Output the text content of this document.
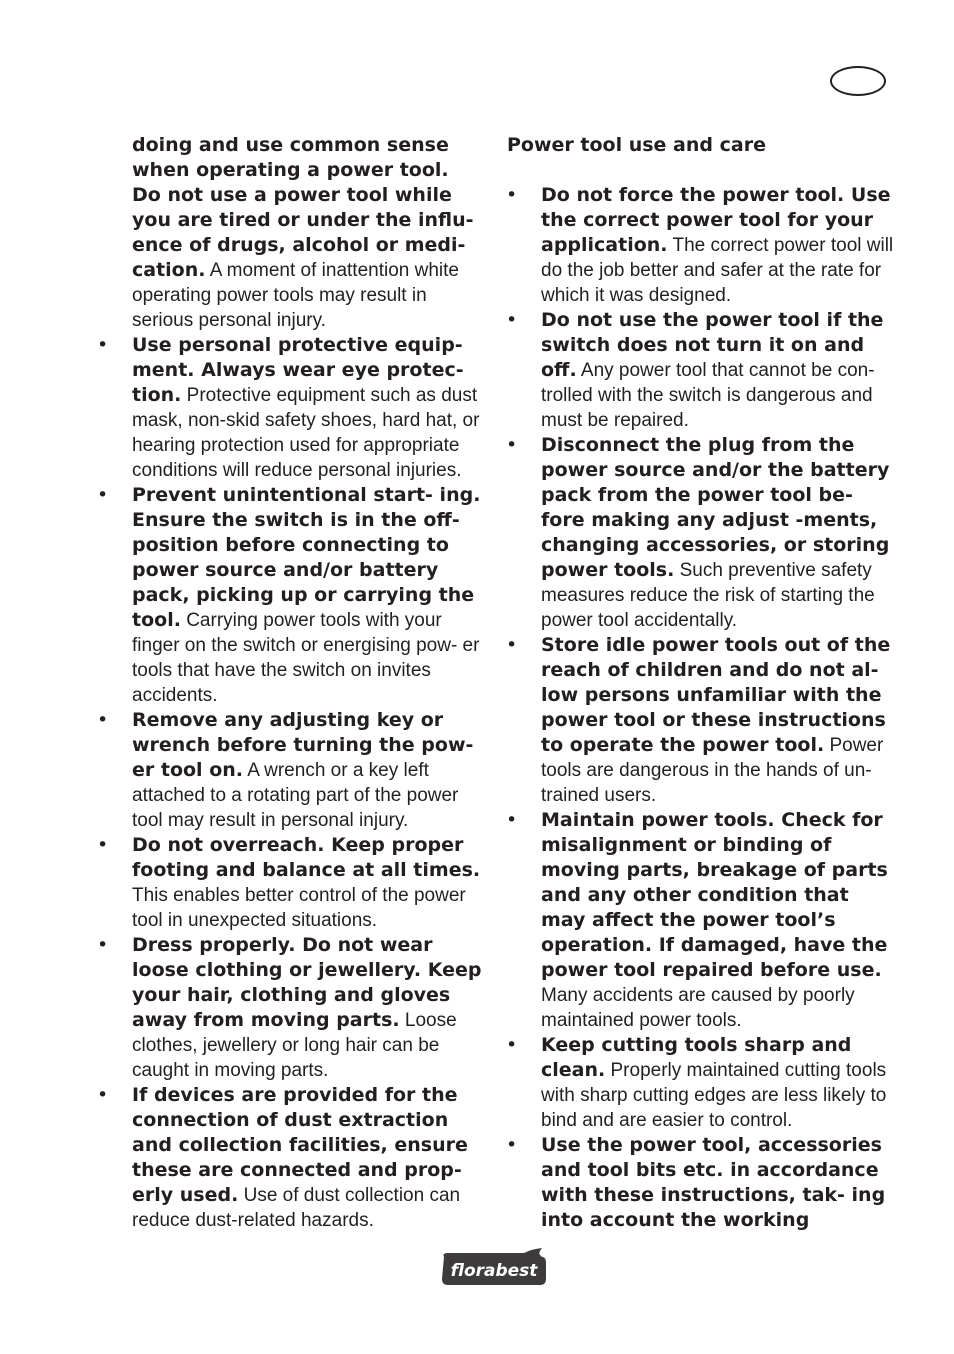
doing and use common sense when operating a power tool. Do not use a power tool while you are tired or under the influ- ence of drugs, alcohol or medi- cation. A moment of inattention white operating power tools may result in serious personal injury.

• Use personal protective equip- ment. Always wear eye protec- tion. Protective equipment such as dust mask, non-skid safety shoes, hard hat, or hearing protection used for appropriate conditions will reduce personal injuries.

• Prevent unintentional start- ing. Ensure the switch is in the off-position before connecting to power source and/or battery pack, picking up or carrying the tool. Carrying power tools with your finger on the switch or energising pow- er tools that have the switch on invites accidents.

• Remove any adjusting key or wrench before turning the pow- er tool on. A wrench or a key left attached to a rotating part of the power tool may result in personal injury.

• Do not overreach. Keep proper footing and balance at all times. This enables better control of the power tool in unexpected situations.

• Dress properly. Do not wear loose clothing or jewellery. Keep your hair, clothing and gloves away from moving parts. Loose clothes, jewellery or long hair can be caught in moving parts.

• If devices are provided for the connection of dust extraction and collection facilities, ensure these are connected and prop- erly used. Use of dust collection can reduce dust-related hazards.

Power tool use and care
• Do not force the power tool. Use the correct power tool for your application. The correct power tool will do the job better and safer at the rate for which it was designed.

• Do not use the power tool if the switch does not turn it on and off. Any power tool that cannot be con- trolled with the switch is dangerous and must be repaired.

• Disconnect the plug from the power source and/or the battery pack from the power tool be- fore making any adjust -ments, changing accessories, or storing power tools. Such preventive safety measures reduce the risk of starting the power tool accidentally.

• Store idle power tools out of the reach of children and do not al- low persons unfamiliar with the power tool or these instructions to operate the power tool. Power tools are dangerous in the hands of un- trained users.

• Maintain power tools. Check for misalignment or binding of moving parts, breakage of parts and any other condition that may affect the power tool’s operation. If damaged, have the power tool repaired before use. Many accidents are caused by poorly maintained power tools.

• Keep cutting tools sharp and clean. Properly maintained cutting tools with sharp cutting edges are less likely to bind and are easier to control.

• Use the power tool, accessories and tool bits etc. in accordance with these instructions, tak- ing into account the working

florabest
